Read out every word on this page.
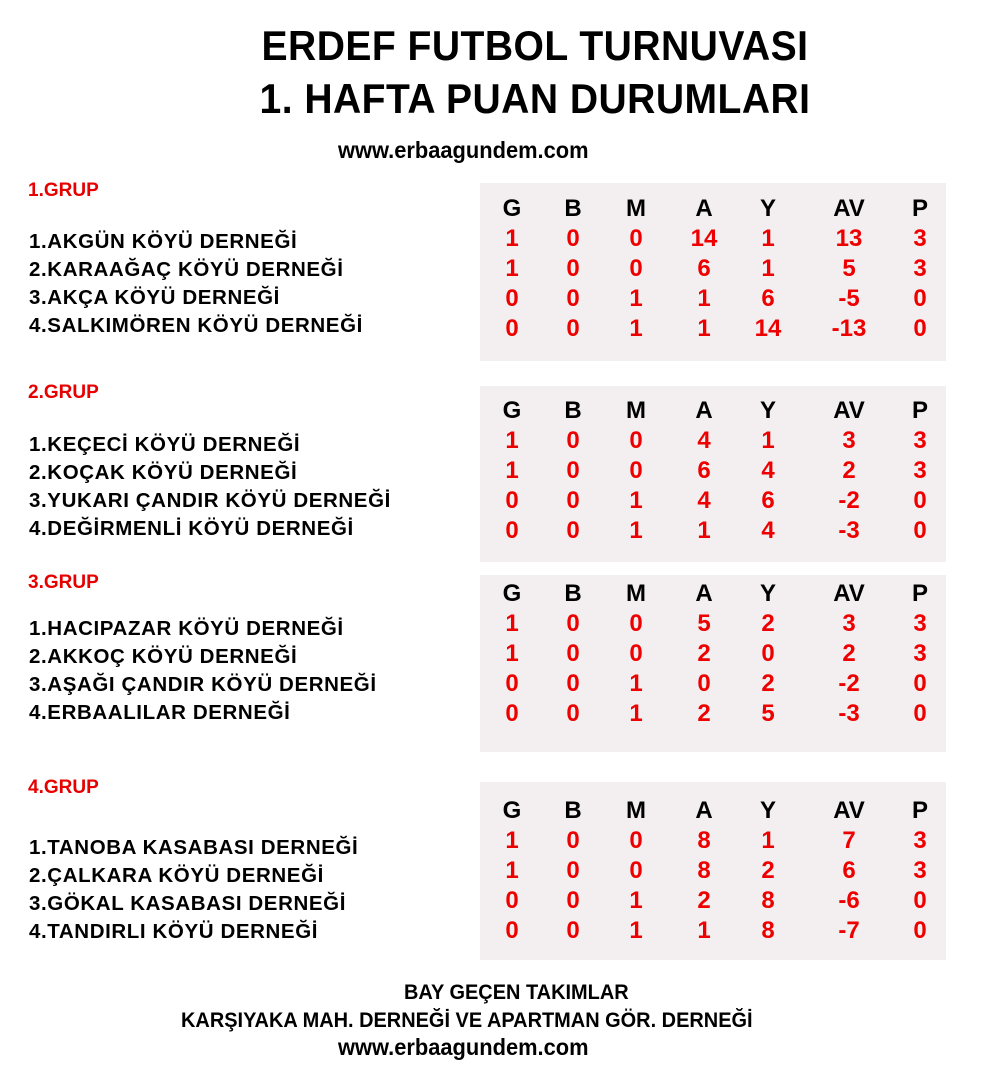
ERDEF FUTBOL TURNUVASI
1. HAFTA PUAN DURUMLARI
www.erbaagundem.com
1.GRUP
1.AKGÜN KÖYÜ DERNEĞİ
2.KARAAĞAÇ KÖYÜ DERNEĞİ
3.AKÇA KÖYÜ DERNEĞİ
4.SALKIMÖREN KÖYÜ DERNEĞİ
G	B	M	A	Y	AV	P
1	0	0	14	1	13	3
1	0	0	6	1	5	3
0	0	1	1	6	-5	0
0	0	1	1	14	-13	0
2.GRUP
1.KEÇECİ KÖYÜ DERNEĞİ
2.KOÇAK KÖYÜ DERNEĞİ
3.YUKARI ÇANDIR KÖYÜ DERNEĞİ
4.DEĞİRMENLİ KÖYÜ DERNEĞİ
G	B	M	A	Y	AV	P
1	0	0	4	1	3	3
1	0	0	6	4	2	3
0	0	1	4	6	-2	0
0	0	1	1	4	-3	0
3.GRUP
1.HACIPAZAR KÖYÜ DERNEĞİ
2.AKKOÇ KÖYÜ DERNEĞİ
3.AŞAĞI ÇANDIR KÖYÜ DERNEĞİ
4.ERBAALILAR DERNEĞİ
G	B	M	A	Y	AV	P
1	0	0	5	2	3	3
1	0	0	2	0	2	3
0	0	1	0	2	-2	0
0	0	1	2	5	-3	0
4.GRUP
1.TANOBA KASABASI DERNEĞİ
2.ÇALKARA KÖYÜ DERNEĞİ
3.GÖKAL KASABASI DERNEĞİ
4.TANDIRLI KÖYÜ DERNEĞİ
G	B	M	A	Y	AV	P
1	0	0	8	1	7	3
1	0	0	8	2	6	3
0	0	1	2	8	-6	0
0	0	1	1	8	-7	0
BAY GEÇEN TAKIMLAR
KARŞIYAKA MAH. DERNEĞİ VE APARTMAN GÖR. DERNEĞİ
www.erbaagundem.com
